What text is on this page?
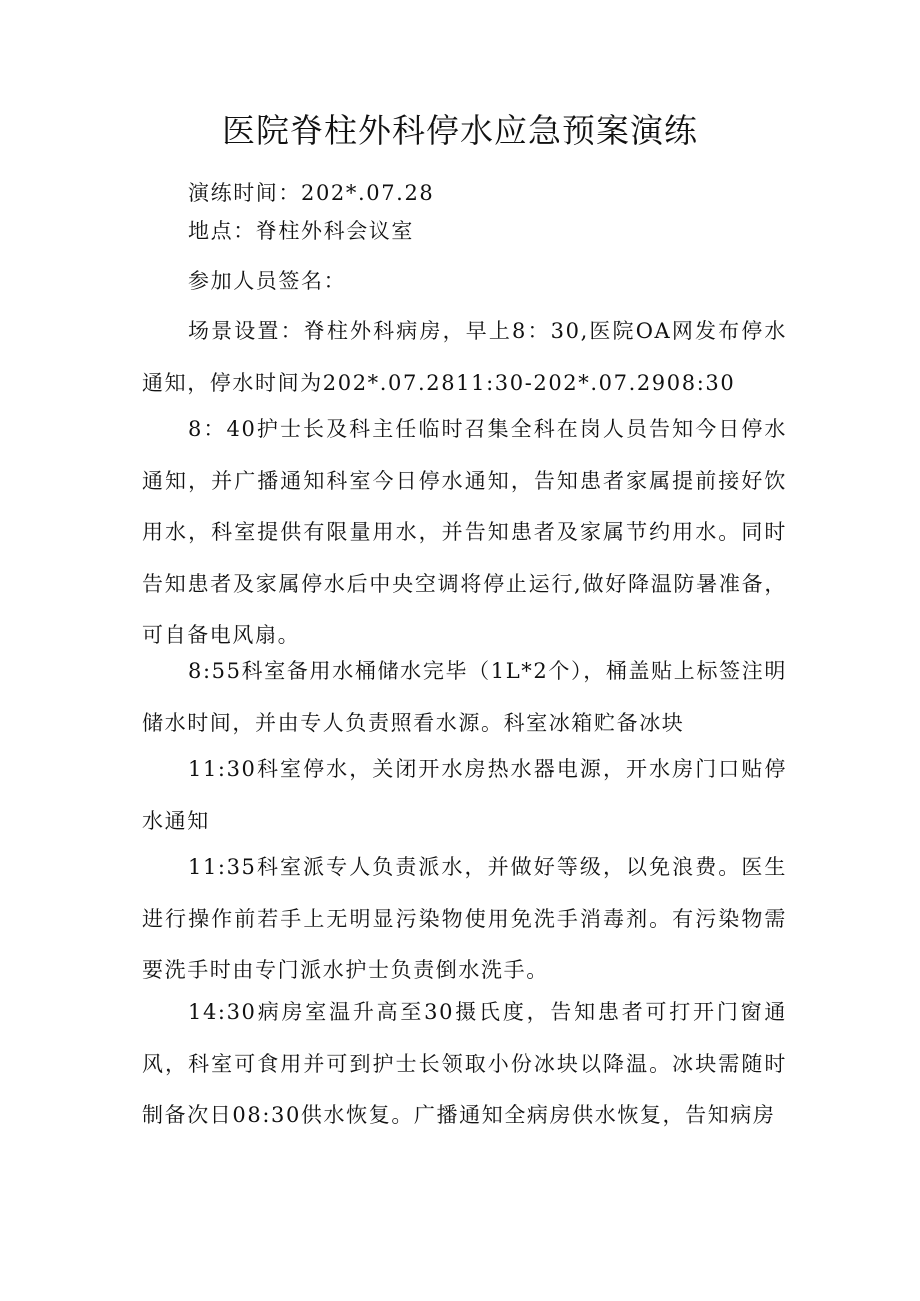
医院脊柱外科停水应急预案演练

演练时间：202*.07.28

地点：脊柱外科会议室

参加人员签名：

场景设置：脊柱外科病房，早上8：30,医院OA网发布停水通知，停水时间为202*.07.2811:30-202*.07.2908:30

8：40护士长及科主任临时召集全科在岗人员告知今日停水通知，并广播通知科室今日停水通知，告知患者家属提前接好饮用水，科室提供有限量用水，并告知患者及家属节约用水。同时告知患者及家属停水后中央空调将停止运行,做好降温防暑准备，可自备电风扇。

8:55科室备用水桶储水完毕（1L*2个），桶盖贴上标签注明储水时间，并由专人负责照看水源。科室冰箱贮备冰块

11:30科室停水，关闭开水房热水器电源，开水房门口贴停水通知

11:35科室派专人负责派水，并做好等级，以免浪费。医生进行操作前若手上无明显污染物使用免洗手消毒剂。有污染物需要洗手时由专门派水护士负责倒水洗手。

14:30病房室温升高至30摄氏度，告知患者可打开门窗通风，科室可食用并可到护士长领取小份冰块以降温。冰块需随时制备次日08:30供水恢复。广播通知全病房供水恢复，告知病房
